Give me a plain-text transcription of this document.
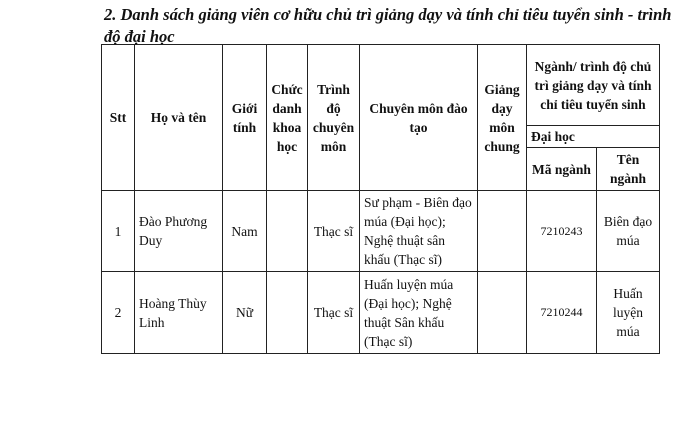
2. Danh sách giảng viên cơ hữu chủ trì giảng dạy và tính chỉ tiêu tuyển sinh - trình độ đại học
Stt	Họ và tên	Giới tính	Chức danh khoa học	Trình độ chuyên môn	Chuyên môn đào tạo	Giảng dạy môn chung	Ngành/ trình độ chủ trì giảng dạy và tính chỉ tiêu tuyển sinh	
							Đại học	
							Mã ngành	Tên ngành
1	Đào Phương Duy	Nam		Thạc sĩ	Sư phạm - Biên đạo múa (Đại học); Nghệ thuật sân khấu (Thạc sĩ)		7210243	Biên đạo múa
2	Hoàng Thùy Linh	Nữ		Thạc sĩ	Huấn luyện múa (Đại học); Nghệ thuật Sân khấu (Thạc sĩ)		7210244	Huấn luyện múa
